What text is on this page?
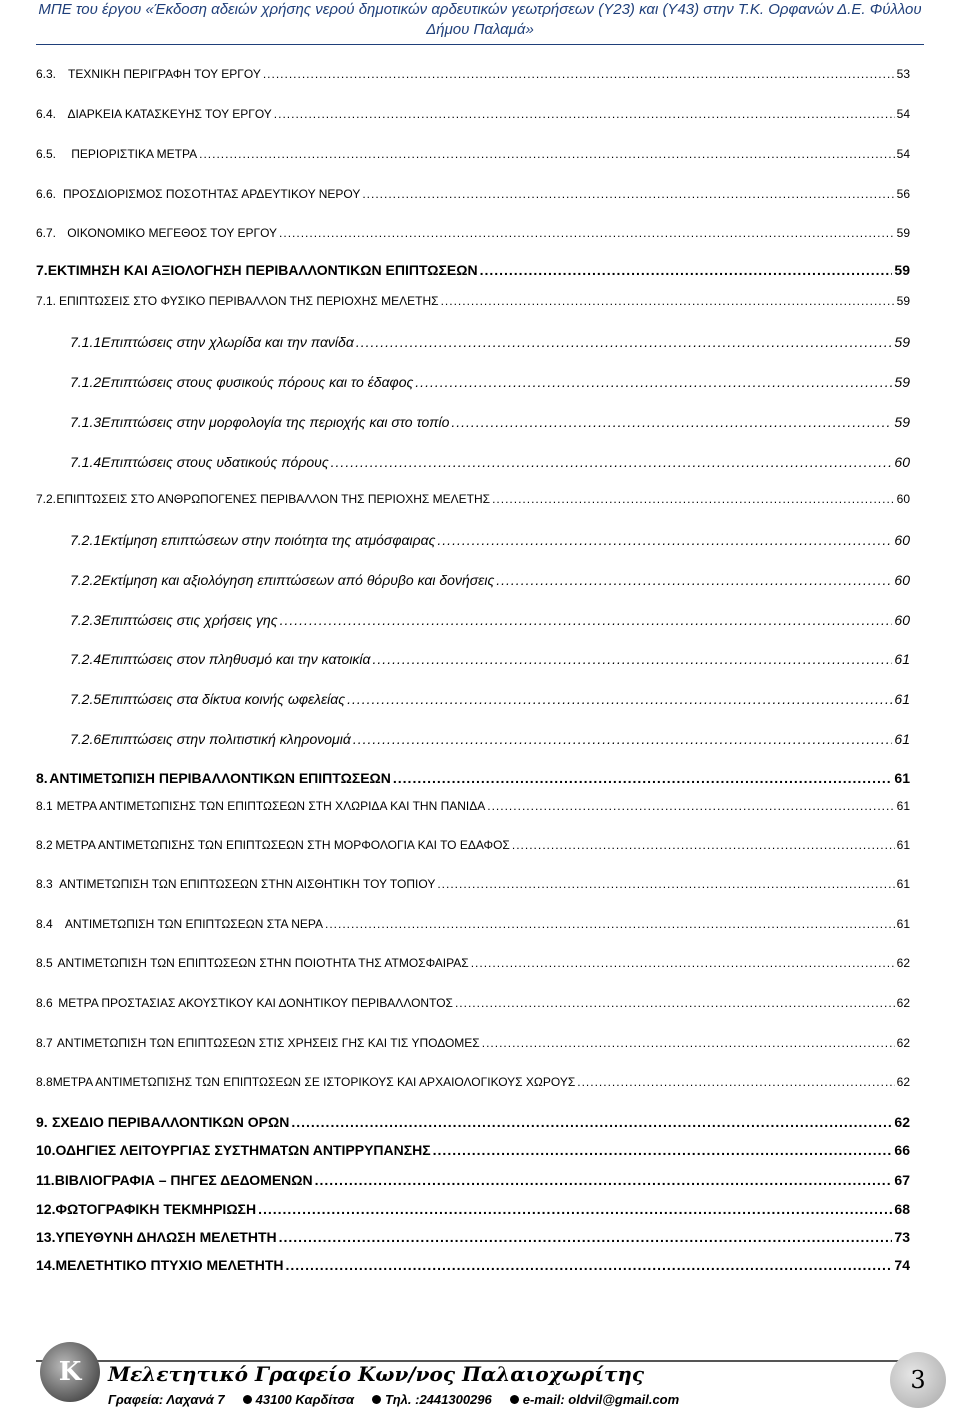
ΜΠΕ του έργου «Έκδοση αδειών χρήσης νερού δημοτικών αρδευτικών γεωτρήσεων (Υ23) και (Υ43) στην Τ.Κ. Ορφανών Δ.Ε. Φύλλου
Δήμου Παλαμά»
6.3. ΤΕΧΝΙΚΗ ΠΕΡΙΓΡΑΦΗ ΤΟΥ ΕΡΓΟΥ .....	53
6.4. ΔΙΑΡΚΕΙΑ ΚΑΤΑΣΚΕΥΗΣ ΤΟΥ ΕΡΓΟΥ .....	54
6.5.	ΠΕΡΙΟΡΙΣΤΙΚΑ ΜΕΤΡΑ .....	54
6.6. ΠΡΟΣΔΙΟΡΙΣΜΟΣ ΠΟΣΟΤΗΤΑΣ ΑΡΔΕΥΤΙΚΟΥ ΝΕΡΟΥ .....	56
6.7. ΟΙΚΟΝΟΜΙΚΟ ΜΕΓΕΘΟΣ ΤΟΥ ΕΡΓΟΥ .....	59
7. ΕΚΤΙΜΗΣΗ ΚΑΙ ΑΞΙΟΛΟΓΗΣΗ ΠΕΡΙΒΑΛΛΟΝΤΙΚΩΝ ΕΠΙΠΤΩΣΕΩΝ .....	59
7.1. ΕΠΙΠΤΩΣΕΙΣ ΣΤΟ ΦΥΣΙΚΟ ΠΕΡΙΒΑΛΛΟΝ ΤΗΣ ΠΕΡΙΟΧΗΣ ΜΕΛΕΤΗΣ .....	59
7.1.1 Επιπτώσεις στην χλωρίδα και την πανίδα .....	59
7.1.2 Επιπτώσεις στους φυσικούς πόρους και το έδαφος .....	59
7.1.3 Επιπτώσεις στην μορφολογία της περιοχής και στο τοπίο .....	59
7.1.4 Επιπτώσεις στους υδατικούς πόρους .....	60
7.2. ΕΠΙΠΤΩΣΕΙΣ ΣΤΟ ΑΝΘΡΩΠΟΓΕΝΕΣ ΠΕΡΙΒΑΛΛΟΝ ΤΗΣ ΠΕΡΙΟΧΗΣ ΜΕΛΕΤΗΣ .....	60
7.2.1 Εκτίμηση επιπτώσεων στην ποιότητα της ατμόσφαιρας .....	60
7.2.2 Εκτίμηση και αξιολόγηση επιπτώσεων από θόρυβο και δονήσεις .....	60
7.2.3 Επιπτώσεις στις χρήσεις γης .....	60
7.2.4 Επιπτώσεις στον πληθυσμό και την κατοικία .....	61
7.2.5 Επιπτώσεις στα δίκτυα κοινής ωφελείας .....	61
7.2.6 Επιπτώσεις στην πολιτιστική κληρονομιά .....	61
8. ΑΝΤΙΜΕΤΩΠΙΣΗ ΠΕΡΙΒΑΛΛΟΝΤΙΚΩΝ ΕΠΙΠΤΩΣΕΩΝ .....	61
8.1 ΜΕΤΡΑ ΑΝΤΙΜΕΤΩΠΙΣΗΣ ΤΩΝ ΕΠΙΠΤΩΣΕΩΝ ΣΤΗ ΧΛΩΡΙΔΑ ΚΑΙ ΤΗΝ ΠΑΝΙΔΑ .....	61
8.2 ΜΕΤΡΑ ΑΝΤΙΜΕΤΩΠΙΣΗΣ ΤΩΝ ΕΠΙΠΤΩΣΕΩΝ ΣΤΗ ΜΟΡΦΟΛΟΓΙΑ ΚΑΙ ΤΟ ΕΔΑΦΟΣ .....	61
8.3 ΑΝΤΙΜΕΤΩΠΙΣΗ ΤΩΝ ΕΠΙΠΤΩΣΕΩΝ ΣΤΗΝ ΑΙΣΘΗΤΙΚΗ ΤΟΥ ΤΟΠΙΟΥ .....	61
8.4	ΑΝΤΙΜΕΤΩΠΙΣΗ ΤΩΝ ΕΠΙΠΤΩΣΕΩΝ ΣΤΑ ΝΕΡΑ .....	61
8.5 ΑΝΤΙΜΕΤΩΠΙΣΗ ΤΩΝ ΕΠΙΠΤΩΣΕΩΝ ΣΤΗΝ ΠΟΙΟΤΗΤΑ ΤΗΣ ΑΤΜΟΣΦΑΙΡΑΣ .....	62
8.6 ΜΕΤΡΑ ΠΡΟΣΤΑΣΙΑΣ ΑΚΟΥΣΤΙΚΟΥ ΚΑΙ ΔΟΝΗΤΙΚΟΥ ΠΕΡΙΒΑΛΛΟΝΤΟΣ .....	62
8.7 ΑΝΤΙΜΕΤΩΠΙΣΗ ΤΩΝ ΕΠΙΠΤΩΣΕΩΝ ΣΤΙΣ ΧΡΗΣΕΙΣ ΓΗΣ ΚΑΙ ΤΙΣ ΥΠΟΔΟΜΕΣ .....	62
8.8 ΜΕΤΡΑ ΑΝΤΙΜΕΤΩΠΙΣΗΣ ΤΩΝ ΕΠΙΠΤΩΣΕΩΝ ΣΕ ΙΣΤΟΡΙΚΟΥΣ ΚΑΙ ΑΡΧΑΙΟΛΟΓΙΚΟΥΣ ΧΩΡΟΥΣ .....	62
9. ΣΧΕΔΙΟ ΠΕΡΙΒΑΛΛΟΝΤΙΚΩΝ ΟΡΩΝ .....	62
10. ΟΔΗΓΙΕΣ ΛΕΙΤΟΥΡΓΙΑΣ ΣΥΣΤΗΜΑΤΩΝ ΑΝΤΙΡΡΥΠΑΝΣΗΣ .....	66
11. ΒΙΒΛΙΟΓΡΑΦΙΑ – ΠΗΓΕΣ ΔΕΔΟΜΕΝΩΝ .....	67
12. ΦΩΤΟΓΡΑΦΙΚΗ ΤΕΚΜΗΡΙΩΣΗ .....	68
13. ΥΠΕΥΘΥΝΗ ΔΗΛΩΣΗ ΜΕΛΕΤΗΤΗ .....	73
14. ΜΕΛΕΤΗΤΙΚΟ ΠΤΥΧΙΟ ΜΕΛΕΤΗΤΗ .....	74
Κ	Μελετητικό Γραφείο Κων/νος Παλαιοχωρίτης
Γραφεία: Λαχανά 7	43100 Καρδίτσα	Τηλ. :2441300296	e-mail: oldvil@gmail.com
3
